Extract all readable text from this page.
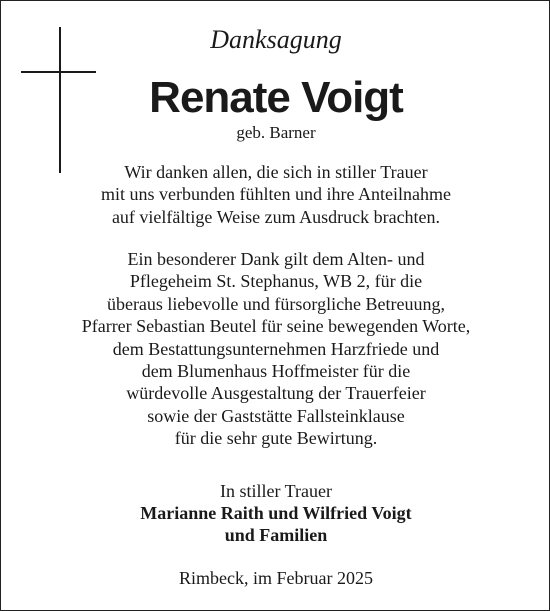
Danksagung
Renate Voigt
geb. Barner

Wir danken allen, die sich in stiller Trauer
mit uns verbunden fühlten und ihre Anteilnahme
auf vielfältige Weise zum Ausdruck brachten.

Ein besonderer Dank gilt dem Alten- und
Pflegeheim St. Stephanus, WB 2, für die
überaus liebevolle und fürsorgliche Betreuung,
Pfarrer Sebastian Beutel für seine bewegenden Worte,
dem Bestattungsunternehmen Harzfriede und
dem Blumenhaus Hoffmeister für die
würdevolle Ausgestaltung der Trauerfeier
sowie der Gaststätte Fallsteinklause
für die sehr gute Bewirtung.

In stiller Trauer
Marianne Raith und Wilfried Voigt
und Familien
Rimbeck, im Februar 2025
